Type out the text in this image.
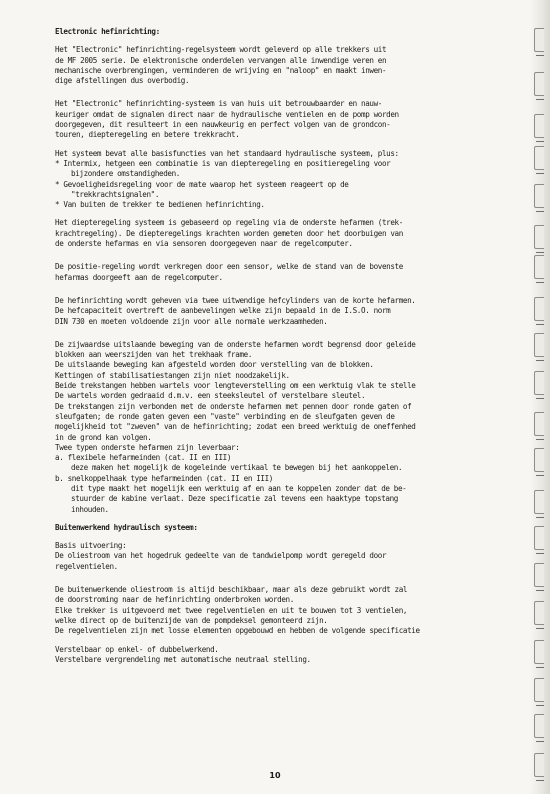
Electronic hefinrichting:
Het "Electronic" hefinrichting-regelsysteem wordt geleverd op alle trekkers uit
de MF 2005 serie. De elektronische onderdelen vervangen alle inwendige veren en
mechanische overbrengingen, verminderen de wrijving en "naloop" en maakt inwen-
dige afstellingen dus overbodig.
Het "Electronic" hefinrichting-systeem is van huis uit betrouwbaarder en nauw-
keuriger omdat de signalen direct naar de hydraulische ventielen en de pomp worden
doorgegeven, dit resulteert in een nauwkeurig en perfect volgen van de grondcon-
touren, diepteregeling en betere trekkracht.
Het systeem bevat alle basisfuncties van het standaard hydraulische systeem, plus:
* Intermix, hetgeen een combinatie is van diepteregeling en positieregeling voor
bijzondere omstandigheden.
* Gevoeligheidsregeling voor de mate waarop het systeem reageert op de
"trekkrachtsignalen".
* Van buiten de trekker te bedienen hefinrichting.
Het diepteregeling systeem is gebaseerd op regeling via de onderste hefarmen (trek-
krachtregeling). De diepteregelings krachten worden gemeten door het doorbuigen van
de onderste hefarmas en via sensoren doorgegeven naar de regelcomputer.
De positie-regeling wordt verkregen door een sensor, welke de stand van de bovenste
hefarmas doorgeeft aan de regelcomputer.
De hefinrichting wordt geheven via twee uitwendige hefcylinders van de korte hefarmen.
De hefcapaciteit overtreft de aanbevelingen welke zijn bepaald in de I.S.O. norm
DIN 730 en moeten voldoende zijn voor alle normale werkzaamheden.
De zijwaardse uitslaande beweging van de onderste hefarmen wordt begrensd door geleide
blokken aan weerszijden van het trekhaak frame.
De uitslaande beweging kan afgesteld worden door verstelling van de blokken.
Kettingen of stabilisatiestangen zijn niet noodzakelijk.
Beide trekstangen hebben wartels voor lengteverstelling om een werktuig vlak te stelle
De wartels worden gedraaid d.m.v. een steeksleutel of verstelbare sleutel.
De trekstangen zijn verbonden met de onderste hefarmen met pennen door ronde gaten of
sleufgaten; de ronde gaten geven een "vaste" verbinding en de sleufgaten geven de
mogelijkheid tot "zweven" van de hefinrichting; zodat een breed werktuig de oneffenhed
in de grond kan volgen.
Twee typen onderste hefarmen zijn leverbaar:
a. flexibele hefarmeinden (cat. II en III)
deze maken het mogelijk de kogeleinde vertikaal te bewegen bij het aankoppelen.
b. snelkoppelhaak type hefarmeinden (cat. II en III)
dit type maakt het mogelijk een werktuig af en aan te koppelen zonder dat de be-
stuurder de kabine verlaat. Deze specificatie zal tevens een haaktype topstang
inhouden.
Buitenwerkend hydraulisch systeem:
Basis uitvoering:
De oliestroom van het hogedruk gedeelte van de tandwielpomp wordt geregeld door
regelventielen.
De buitenwerkende oliestroom is altijd beschikbaar, maar als deze gebruikt wordt zal
de doorstroming naar de hefinrichting onderbroken worden.
Elke trekker is uitgevoerd met twee regelventielen en uit te bouwen tot 3 ventielen,
welke direct op de buitenzijde van de pompdeksel gemonteerd zijn.
De regelventielen zijn met losse elementen opgebouwd en hebben de volgende specificatie
Verstelbaar op enkel- of dubbelwerkend.
Verstelbare vergrendeling met automatische neutraal stelling.
10
